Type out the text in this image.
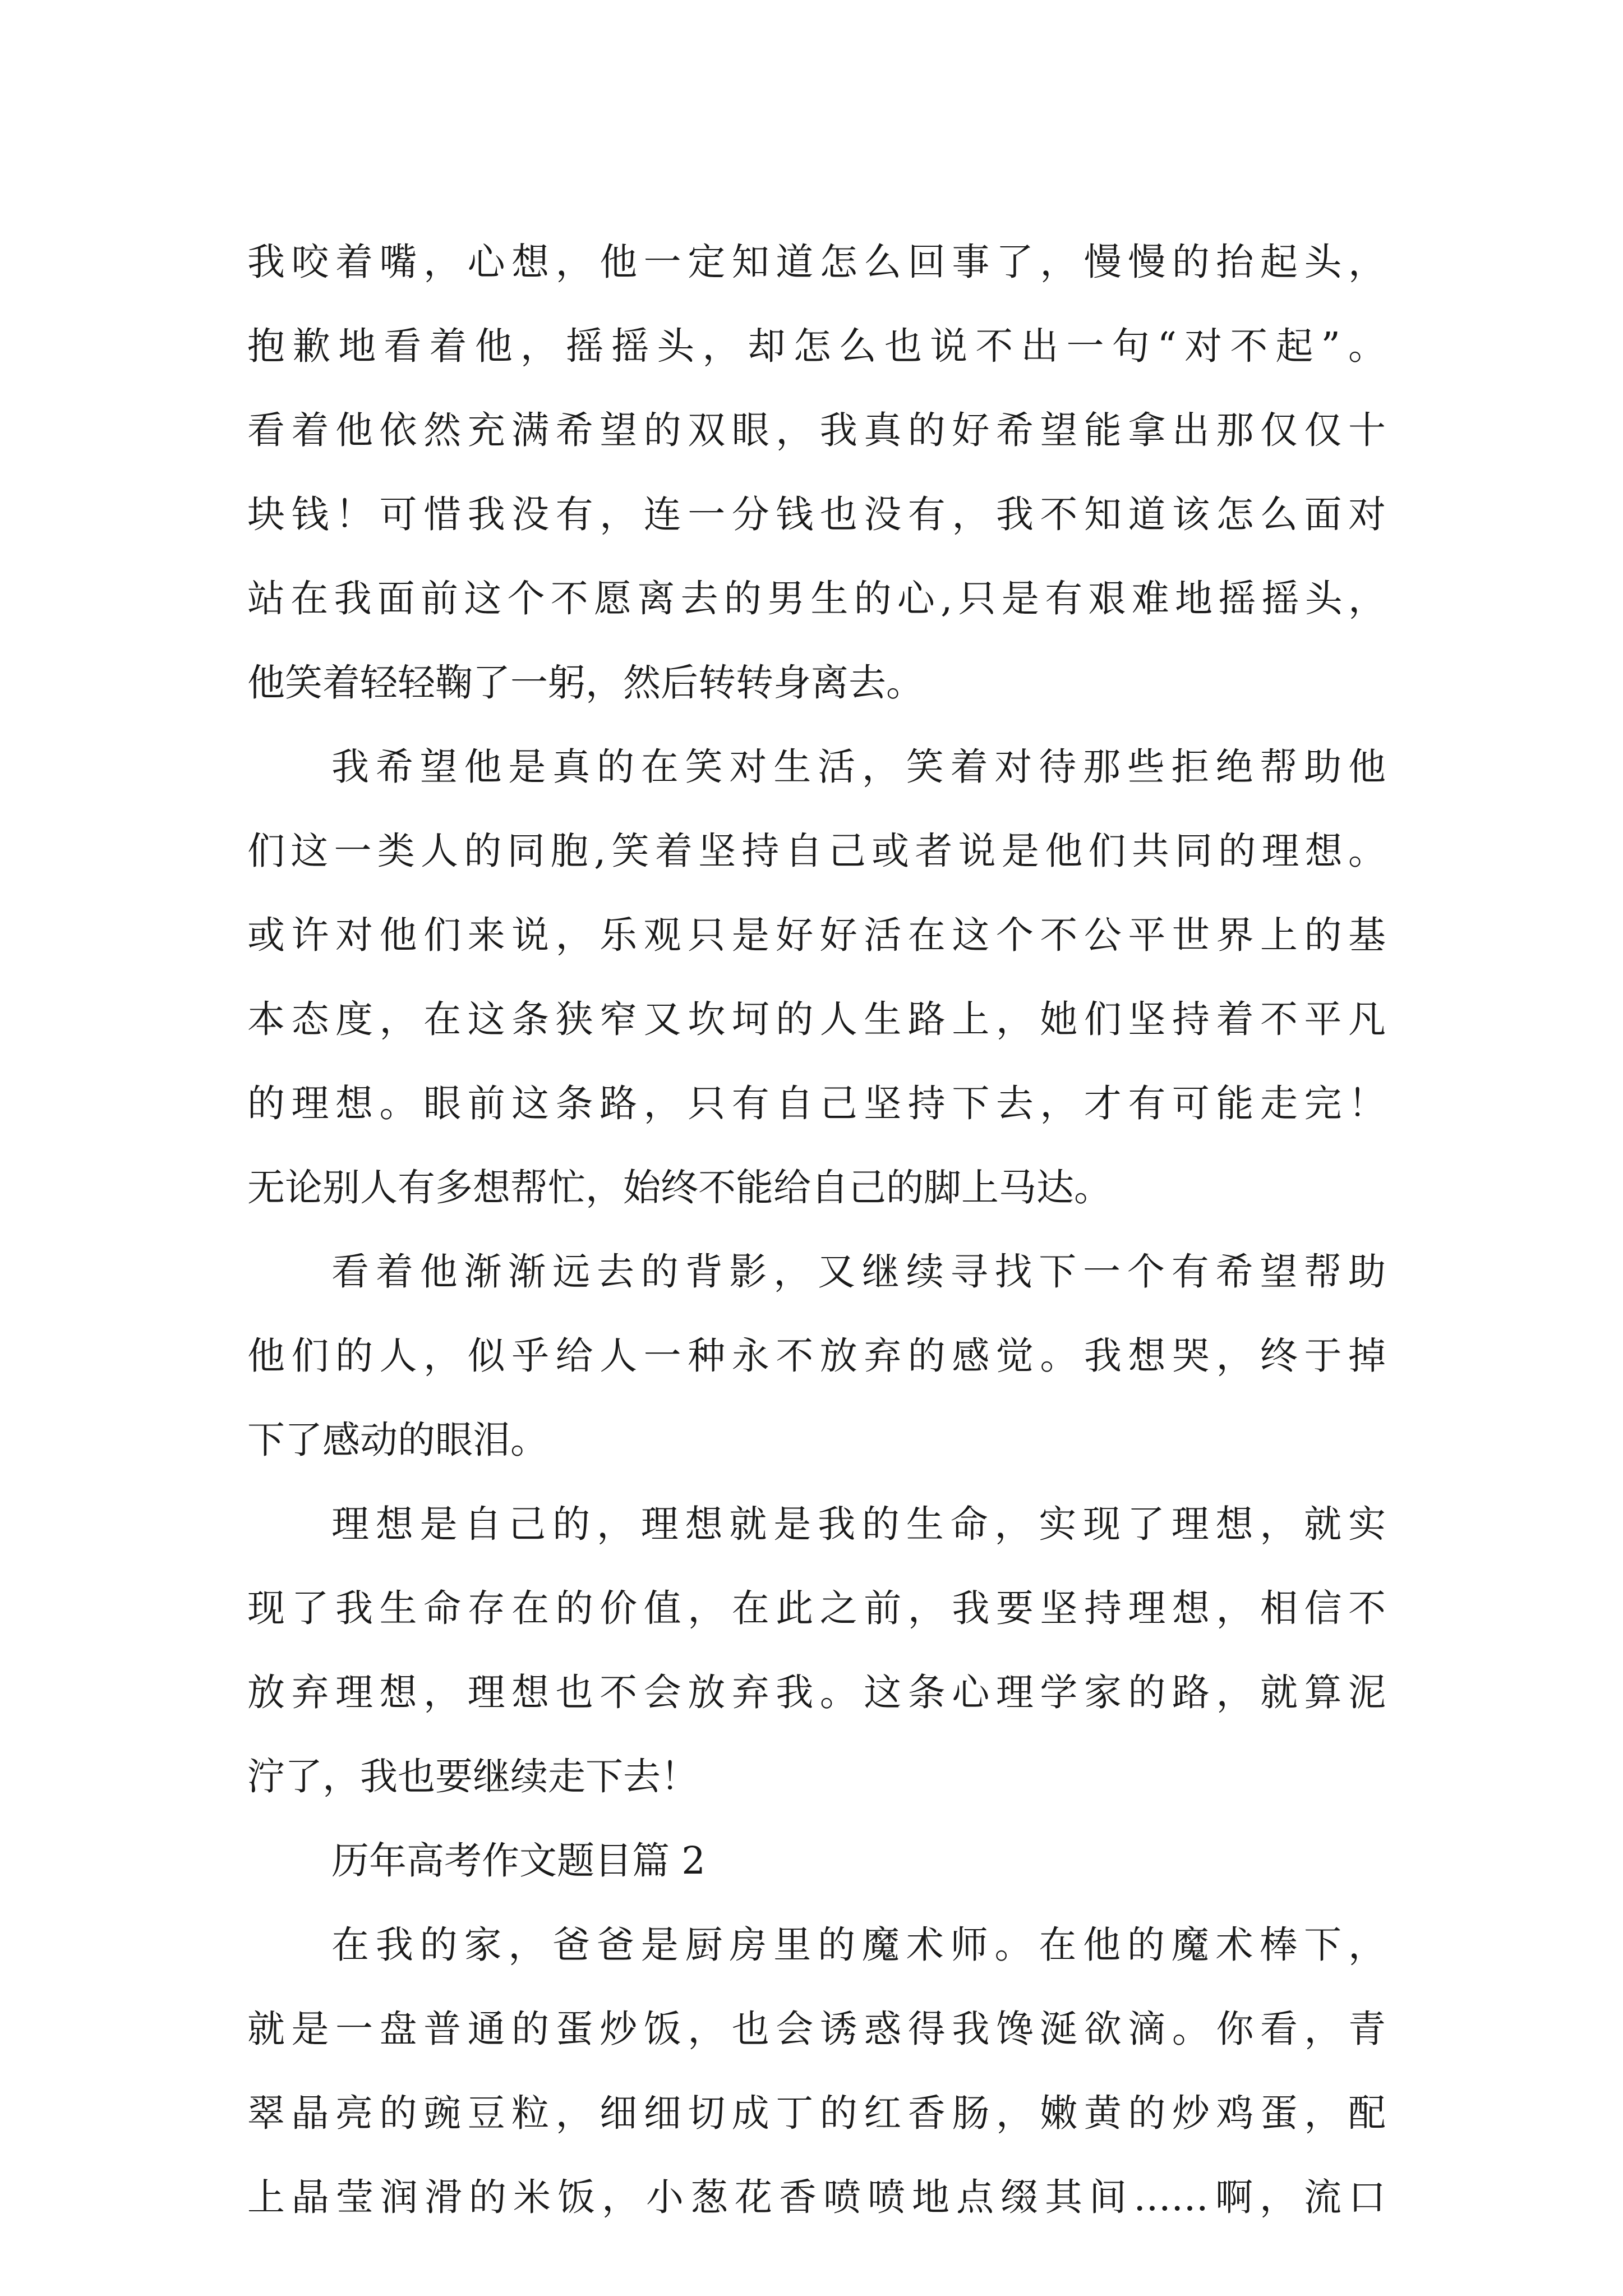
我咬着嘴，心想，他一定知道怎么回事了，慢慢的抬起头，
抱歉地看着他，摇摇头，却怎么也说不出一句“对不起”。
看着他依然充满希望的双眼，我真的好希望能拿出那仅仅十
块钱！可惜我没有，连一分钱也没有，我不知道该怎么面对
站在我面前这个不愿离去的男生的心,只是有艰难地摇摇头，
他笑着轻轻鞠了一躬，然后转转身离去。
我希望他是真的在笑对生活，笑着对待那些拒绝帮助他
们这一类人的同胞,笑着坚持自己或者说是他们共同的理想。
或许对他们来说，乐观只是好好活在这个不公平世界上的基
本态度，在这条狭窄又坎坷的人生路上，她们坚持着不平凡
的理想。眼前这条路，只有自己坚持下去，才有可能走完！
无论别人有多想帮忙，始终不能给自己的脚上马达。
看着他渐渐远去的背影，又继续寻找下一个有希望帮助
他们的人，似乎给人一种永不放弃的感觉。我想哭，终于掉
下了感动的眼泪。
理想是自己的，理想就是我的生命，实现了理想，就实
现了我生命存在的价值，在此之前，我要坚持理想，相信不
放弃理想，理想也不会放弃我。这条心理学家的路，就算泥
泞了，我也要继续走下去！
历年高考作文题目篇 2
在我的家，爸爸是厨房里的魔术师。在他的魔术棒下，
就是一盘普通的蛋炒饭，也会诱惑得我馋涎欲滴。你看，青
翠晶亮的豌豆粒，细细切成丁的红香肠，嫩黄的炒鸡蛋，配
上晶莹润滑的米饭，小葱花香喷喷地点缀其间……啊，流口
